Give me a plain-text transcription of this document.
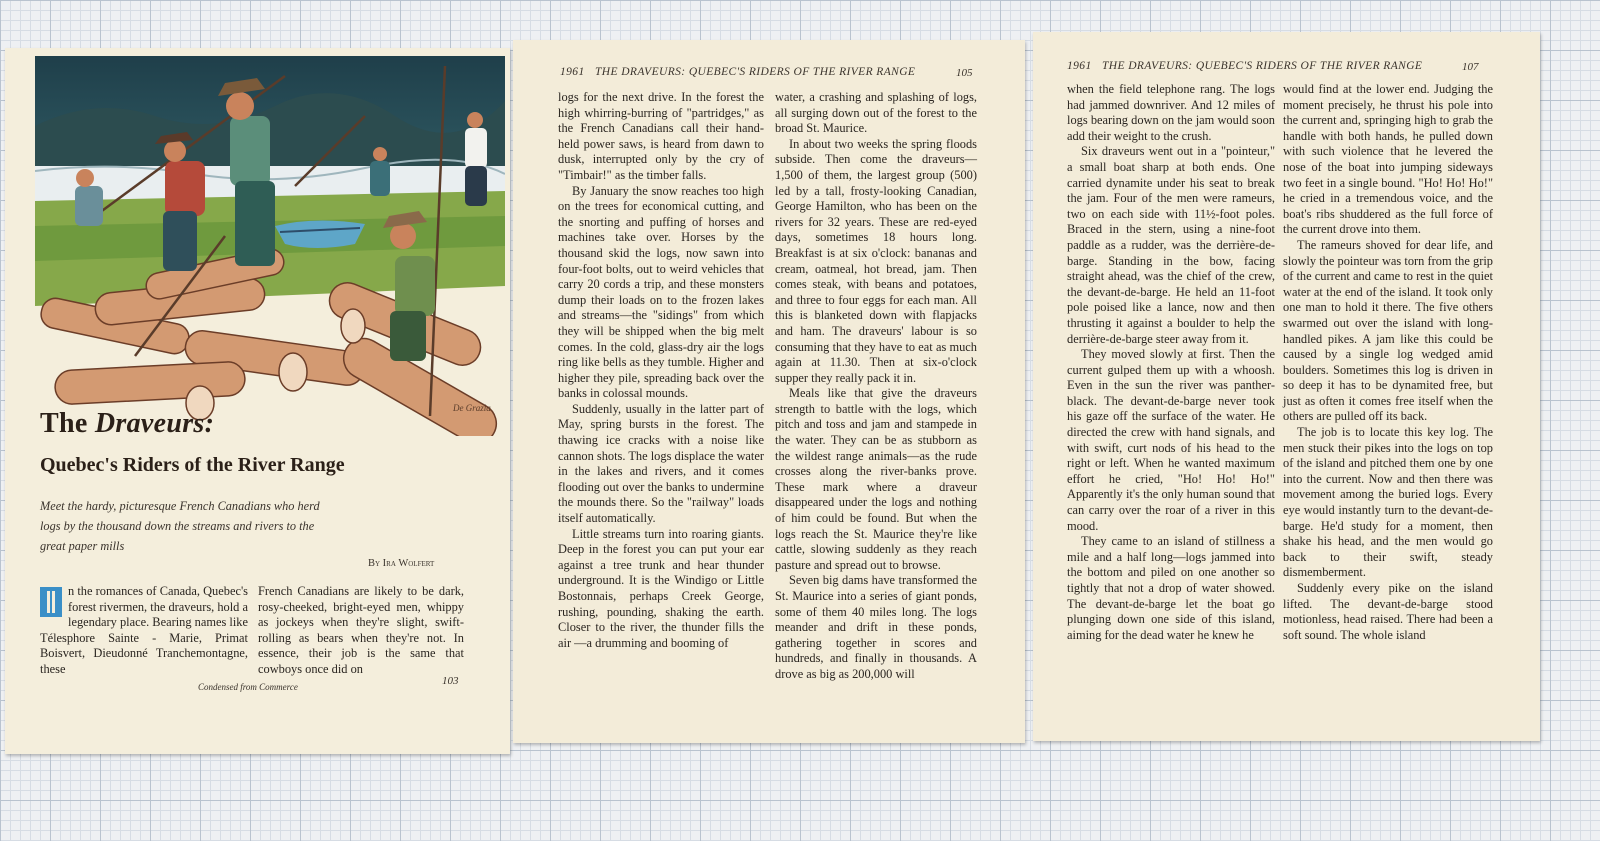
De Grazia
The Draveurs:
Quebec's Riders of the River Range
Meet the hardy, picturesque French Canadians who herd logs by the thousand down the streams and rivers to the great paper mills
By Ira Wolfert

n the romances of Canada, Quebec's forest rivermen, the draveurs, hold a legendary place. Bearing names like Télesphore Sainte - Marie, Primat Boisvert, Dieudonné Tranchemontagne, these

French Canadians are likely to be dark, rosy-cheeked, bright-eyed men, whippy as jockeys when they're slight, swift-rolling as bears when they're not. In essence, their job is the same that cowboys once did on

Condensed from Commerce	103
1961 THE DRAVEURS: QUEBEC'S RIDERS OF THE RIVER RANGE	105

logs for the next drive. In the forest the high whirring-burring of "partridges," as the French Canadians call their hand-held power saws, is heard from dawn to dusk, interrupted only by the cry of "Timbair!" as the timber falls.

By January the snow reaches too high on the trees for economical cutting, and the snorting and puffing of horses and machines take over. Horses by the thousand skid the logs, now sawn into four-foot bolts, out to weird vehicles that carry 20 cords a trip, and these monsters dump their loads on to the frozen lakes and streams—the "sidings" from which they will be shipped when the big melt comes. In the cold, glass-dry air the logs ring like bells as they tumble. Higher and higher they pile, spreading back over the banks in colossal mounds.

Suddenly, usually in the latter part of May, spring bursts in the forest. The thawing ice cracks with a noise like cannon shots. The logs displace the water in the lakes and rivers, and it comes flooding out over the banks to undermine the mounds there. So the "railway" loads itself automatically.

Little streams turn into roaring giants. Deep in the forest you can put your ear against a tree trunk and hear thunder underground. It is the Windigo or Little Bostonnais, perhaps Creek George, rushing, pounding, shaking the earth. Closer to the river, the thunder fills the air —a drumming and booming of

water, a crashing and splashing of logs, all surging down out of the forest to the broad St. Maurice.

In about two weeks the spring floods subside. Then come the draveurs—1,500 of them, the largest group (500) led by a tall, frosty-looking Canadian, George Hamilton, who has been on the rivers for 32 years. These are red-eyed days, sometimes 18 hours long. Breakfast is at six o'clock: bananas and cream, oatmeal, hot bread, jam. Then comes steak, with beans and potatoes, and three to four eggs for each man. All this is blanketed down with flapjacks and ham. The draveurs' labour is so consuming that they have to eat as much again at 11.30. Then at six-o'clock supper they really pack it in.

Meals like that give the draveurs strength to battle with the logs, which pitch and toss and jam and stampede in the water. They can be as stubborn as the wildest range animals—as the rude crosses along the river-banks prove. These mark where a draveur disappeared under the logs and nothing of him could be found. But when the logs reach the St. Maurice they're like cattle, slowing suddenly as they reach pasture and spread out to browse.

Seven big dams have transformed the St. Maurice into a series of giant ponds, some of them 40 miles long. The logs meander and drift in these ponds, gathering together in scores and hundreds, and finally in thousands. A drove as big as 200,000 will

1961 THE DRAVEURS: QUEBEC'S RIDERS OF THE RIVER RANGE	107

when the field telephone rang. The logs had jammed downriver. And 12 miles of logs bearing down on the jam would soon add their weight to the crush.

Six draveurs went out in a "pointeur," a small boat sharp at both ends. One carried dynamite under his seat to break the jam. Four of the men were rameurs, two on each side with 11½-foot poles. Braced in the stern, using a nine-foot paddle as a rudder, was the derrière-de-barge. Standing in the bow, facing straight ahead, was the chief of the crew, the devant-de-barge. He held an 11-foot pole poised like a lance, now and then thrusting it against a boulder to help the derrière-de-barge steer away from it.

They moved slowly at first. Then the current gulped them up with a whoosh. Even in the sun the river was panther-black. The devant-de-barge never took his gaze off the surface of the water. He directed the crew with hand signals, and with swift, curt nods of his head to the right or left. When he wanted maximum effort he cried, "Ho! Ho! Ho!" Apparently it's the only human sound that can carry over the roar of a river in this mood.

They came to an island of stillness a mile and a half long—logs jammed into the bottom and piled on one another so tightly that not a drop of water showed. The devant-de-barge let the boat go plunging down one side of this island, aiming for the dead water he knew he

would find at the lower end. Judging the moment precisely, he thrust his pole into the current and, springing high to grab the handle with both hands, he pulled down with such violence that he levered the nose of the boat into jumping sideways two feet in a single bound. "Ho! Ho! Ho!" he cried in a tremendous voice, and the boat's ribs shuddered as the full force of the current drove into them.

The rameurs shoved for dear life, and slowly the pointeur was torn from the grip of the current and came to rest in the quiet water at the end of the island. It took only one man to hold it there. The five others swarmed out over the island with long-handled pikes. A jam like this could be caused by a single log wedged amid boulders. Sometimes this log is driven in so deep it has to be dynamited free, but just as often it comes free itself when the others are pulled off its back.

The job is to locate this key log. The men stuck their pikes into the logs on top of the island and pitched them one by one into the current. Now and then there was movement among the buried logs. Every eye would instantly turn to the devant-de-barge. He'd study for a moment, then shake his head, and the men would go back to their swift, steady dismemberment.

Suddenly every pike on the island lifted. The devant-de-barge stood motionless, head raised. There had been a soft sound. The whole island
